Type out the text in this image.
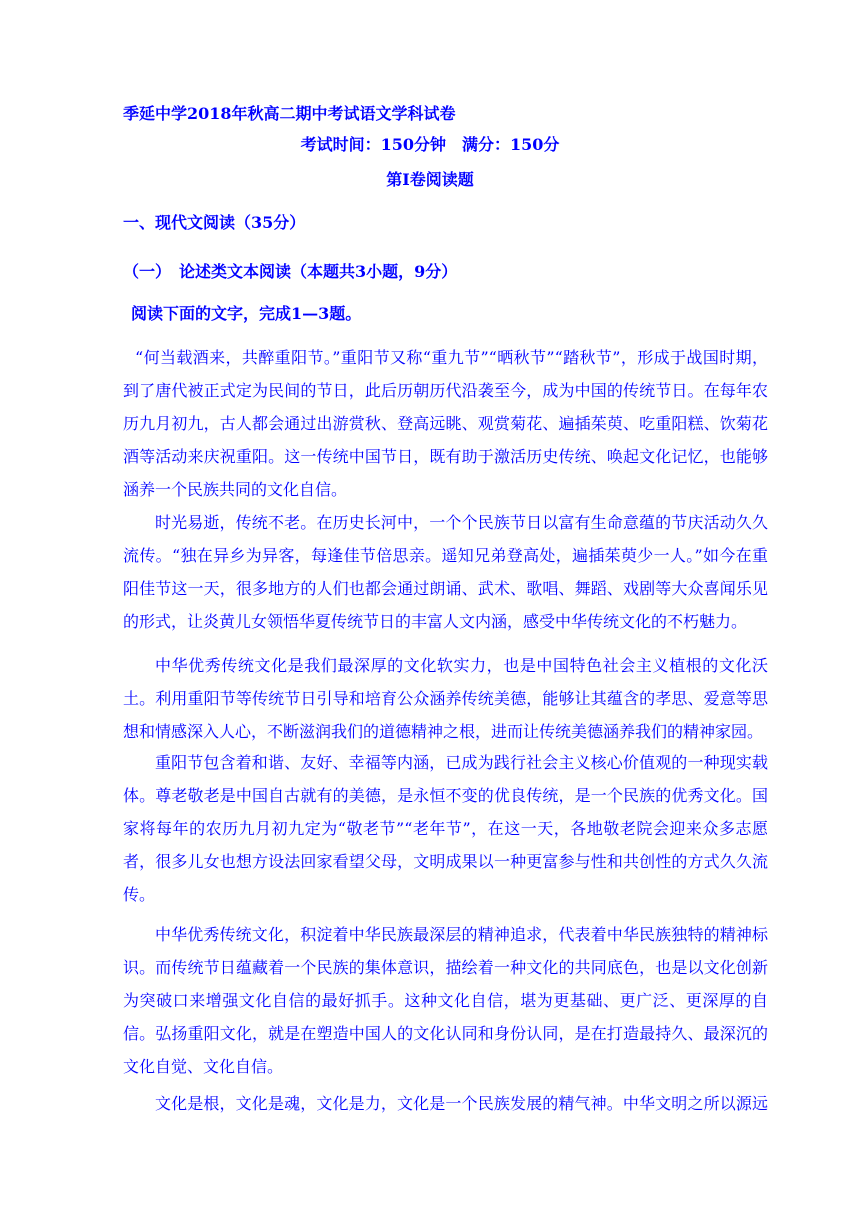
季延中学2018年秋高二期中考试语文学科试卷
考试时间：150分钟　满分：150分
第Ⅰ卷阅读题
一、现代文阅读（35分）
（一）　论述类文本阅读（本题共3小题，9分）
阅读下面的文字，完成1—3题。

“何当载酒来，共醉重阳节。”重阳节又称“重九节”“晒秋节”“踏秋节”，形成于战国时期，到了唐代被正式定为民间的节日，此后历朝历代沿袭至今，成为中国的传统节日。在每年农历九月初九，古人都会通过出游赏秋、登高远眺、观赏菊花、遍插茱萸、吃重阳糕、饮菊花酒等活动来庆祝重阳。这一传统中国节日，既有助于激活历史传统、唤起文化记忆，也能够涵养一个民族共同的文化自信。

时光易逝，传统不老。在历史长河中，一个个民族节日以富有生命意蕴的节庆活动久久流传。“独在异乡为异客，每逢佳节倍思亲。遥知兄弟登高处，遍插茱萸少一人。”如今在重阳佳节这一天，很多地方的人们也都会通过朗诵、武术、歌唱、舞蹈、戏剧等大众喜闻乐见的形式，让炎黄儿女领悟华夏传统节日的丰富人文内涵，感受中华传统文化的不朽魅力。

中华优秀传统文化是我们最深厚的文化软实力，也是中国特色社会主义植根的文化沃土。利用重阳节等传统节日引导和培育公众涵养传统美德，能够让其蕴含的孝思、爱意等思想和情感深入人心，不断滋润我们的道德精神之根，进而让传统美德涵养我们的精神家园。

重阳节包含着和谐、友好、幸福等内涵，已成为践行社会主义核心价值观的一种现实载体。尊老敬老是中国自古就有的美德，是永恒不变的优良传统，是一个民族的优秀文化。国家将每年的农历九月初九定为“敬老节”“老年节”，在这一天，各地敬老院会迎来众多志愿者，很多儿女也想方设法回家看望父母，文明成果以一种更富参与性和共创性的方式久久流传。

中华优秀传统文化，积淀着中华民族最深层的精神追求，代表着中华民族独特的精神标识。而传统节日蕴藏着一个民族的集体意识，描绘着一种文化的共同底色，也是以文化创新为突破口来增强文化自信的最好抓手。这种文化自信，堪为更基础、更广泛、更深厚的自信。弘扬重阳文化，就是在塑造中国人的文化认同和身份认同，是在打造最持久、最深沉的文化自觉、文化自信。

文化是根，文化是魂，文化是力，文化是一个民族发展的精气神。中华文明之所以源远
